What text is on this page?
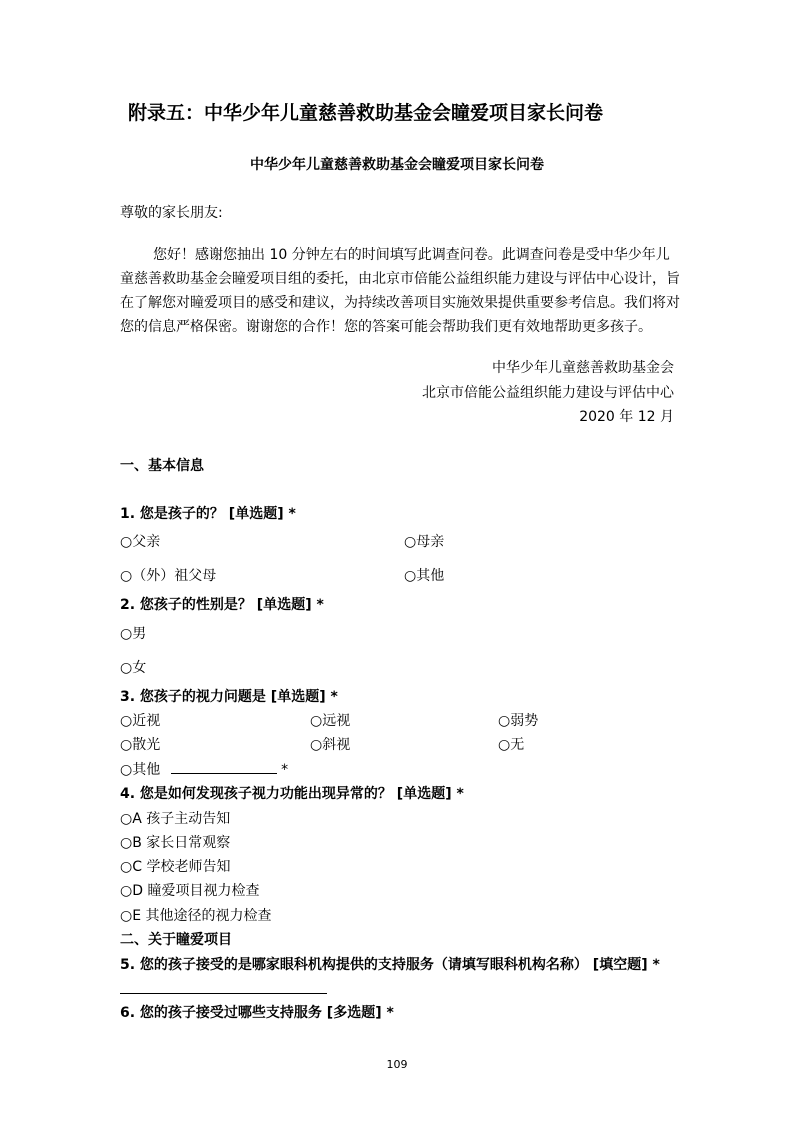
附录五：中华少年儿童慈善救助基金会瞳爱项目家长问卷
中华少年儿童慈善救助基金会瞳爱项目家长问卷
尊敬的家长朋友:
您好！感谢您抽出 10 分钟左右的时间填写此调查问卷。此调查问卷是受中华少年儿
童慈善救助基金会瞳爱项目组的委托，由北京市倍能公益组织能力建设与评估中心设计，旨
在了解您对瞳爱项目的感受和建议，为持续改善项目实施效果提供重要参考信息。我们将对
您的信息严格保密。谢谢您的合作！您的答案可能会帮助我们更有效地帮助更多孩子。
中华少年儿童慈善救助基金会
北京市倍能公益组织能力建设与评估中心
2020 年 12 月
一、基本信息
1. 您是孩子的？ [单选题] *
○父亲	○母亲
○（外）祖父母	○其他
2. 您孩子的性别是？ [单选题] *
○男
○女
3. 您孩子的视力问题是 [单选题] *
○近视	○远视	○弱势
○散光	○斜视	○无
○其他	*
4. 您是如何发现孩子视力功能出现异常的？ [单选题] *
○A 孩子主动告知
○B 家长日常观察
○C 学校老师告知
○D 瞳爱项目视力检查
○E 其他途径的视力检查
二、关于瞳爱项目
5. 您的孩子接受的是哪家眼科机构提供的支持服务（请填写眼科机构名称） [填空题] *
6. 您的孩子接受过哪些支持服务 [多选题] *
109
